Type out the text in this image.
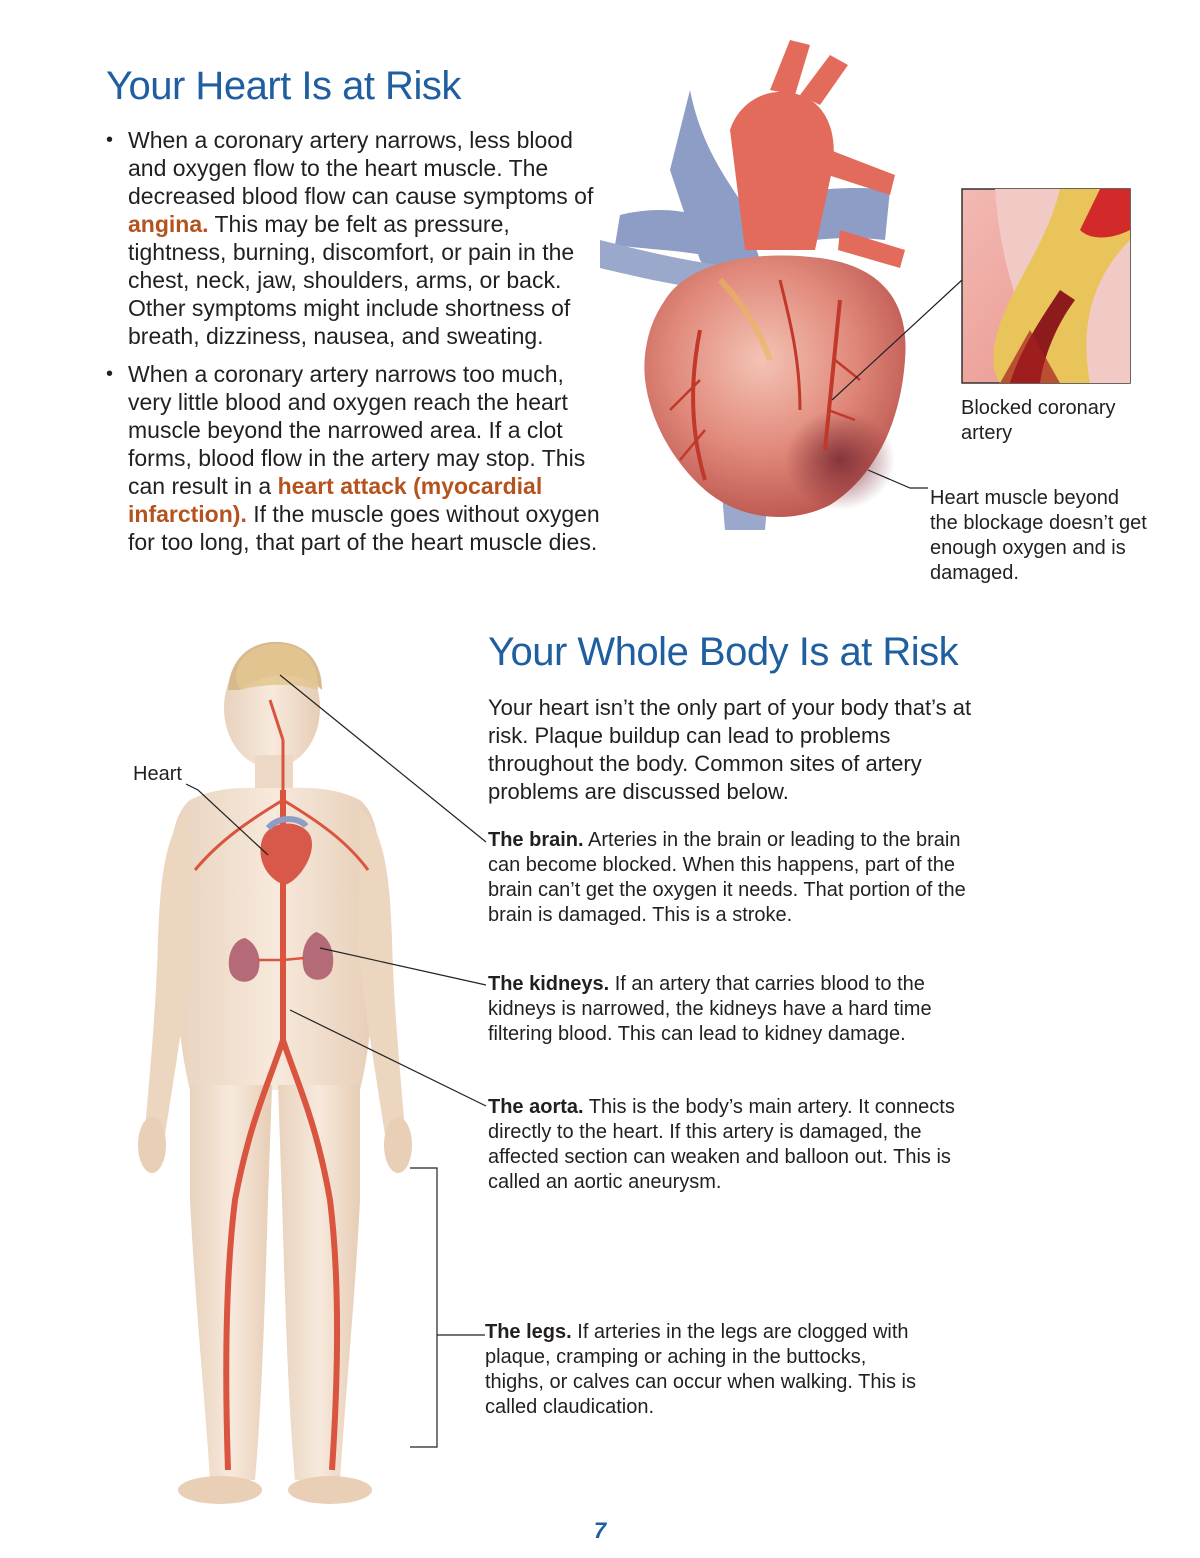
Your Heart Is at Risk
• When a coronary artery narrows, less blood and oxygen flow to the heart muscle. The decreased blood flow can cause symptoms of angina. This may be felt as pressure, tightness, burning, discomfort, or pain in the chest, neck, jaw, shoulders, arms, or back. Other symptoms might include shortness of breath, dizziness, nausea, and sweating.
• When a coronary artery narrows too much, very little blood and oxygen reach the heart muscle beyond the narrowed area. If a clot forms, blood flow in the artery may stop. This can result in a heart attack (myocardial infarction). If the muscle goes without oxygen for too long, that part of the heart muscle dies.

Blocked coronary artery

Heart muscle beyond the blockage doesn’t get enough oxygen and is damaged.

Your Whole Body Is at Risk

Your heart isn’t the only part of your body that’s at risk. Plaque buildup can lead to problems throughout the body. Common sites of artery problems are discussed below.

Heart

The brain. Arteries in the brain or leading to the brain can become blocked. When this happens, part of the brain can’t get the oxygen it needs. That portion of the brain is damaged. This is a stroke.

The kidneys. If an artery that carries blood to the kidneys is narrowed, the kidneys have a hard time filtering blood. This can lead to kidney damage.

The aorta. This is the body’s main artery. It connects directly to the heart. If this artery is damaged, the affected section can weaken and balloon out. This is called an aortic aneurysm.

The legs. If arteries in the legs are clogged with plaque, cramping or aching in the buttocks, thighs, or calves can occur when walking. This is called claudication.

7
